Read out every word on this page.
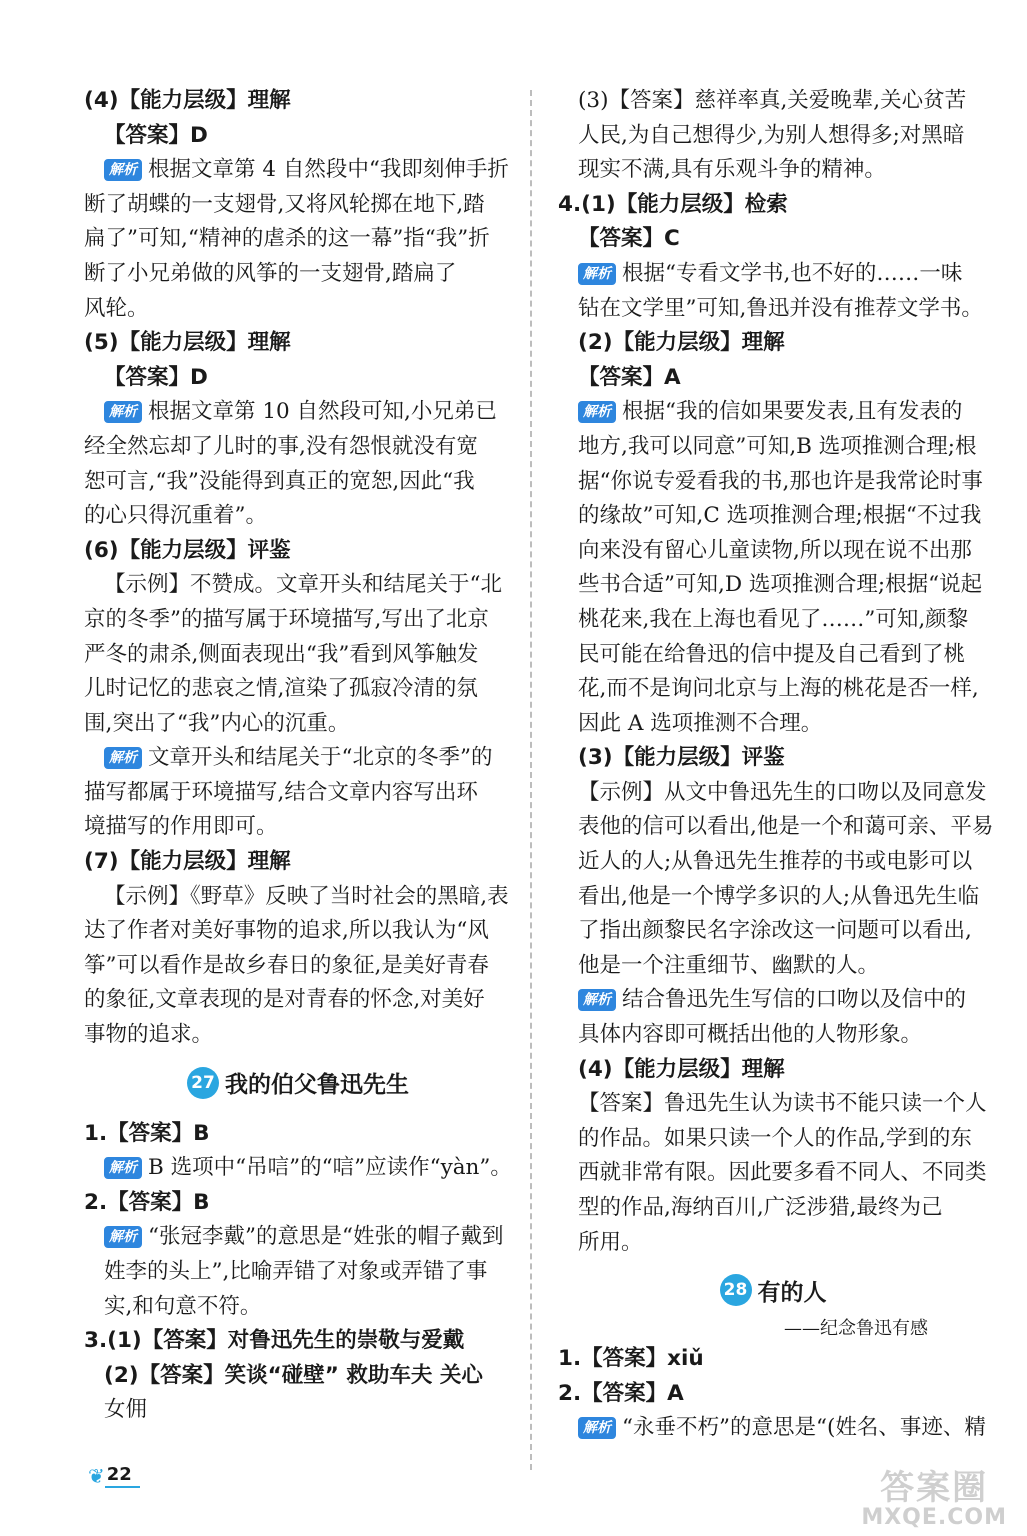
(4)【能力层级】理解
【答案】D
解析 根据文章第 4 自然段中“我即刻伸手折
断了胡蝶的一支翅骨,又将风轮掷在地下,踏
扁了”可知,“精神的虐杀的这一幕”指“我”折
断了小兄弟做的风筝的一支翅骨,踏扁了
风轮。
(5)【能力层级】理解
【答案】D
解析 根据文章第 10 自然段可知,小兄弟已
经全然忘却了儿时的事,没有怨恨就没有宽
恕可言,“我”没能得到真正的宽恕,因此“我
的心只得沉重着”。
(6)【能力层级】评鉴
【示例】不赞成。文章开头和结尾关于“北
京的冬季”的描写属于环境描写,写出了北京
严冬的肃杀,侧面表现出“我”看到风筝触发
儿时记忆的悲哀之情,渲染了孤寂冷清的氛
围,突出了“我”内心的沉重。
解析 文章开头和结尾关于“北京的冬季”的
描写都属于环境描写,结合文章内容写出环
境描写的作用即可。
(7)【能力层级】理解
【示例】《野草》反映了当时社会的黑暗,表
达了作者对美好事物的追求,所以我认为“风
筝”可以看作是故乡春日的象征,是美好青春
的象征,文章表现的是对青春的怀念,对美好
事物的追求。
27 我的伯父鲁迅先生
1.【答案】B
解析 B 选项中“吊唁”的“唁”应读作“yàn”。
2.【答案】B
解析 “张冠李戴”的意思是“姓张的帽子戴到
姓李的头上”,比喻弄错了对象或弄错了事
实,和句意不符。
3.(1)【答案】对鲁迅先生的崇敬与爱戴
(2)【答案】笑谈“碰壁” 救助车夫 关心
女佣
(3)【答案】慈祥率真,关爱晚辈,关心贫苦
人民,为自己想得少,为别人想得多;对黑暗
现实不满,具有乐观斗争的精神。
4.(1)【能力层级】检索
【答案】C
解析 根据“专看文学书,也不好的……一味
钻在文学里”可知,鲁迅并没有推荐文学书。
(2)【能力层级】理解
【答案】A
解析 根据“我的信如果要发表,且有发表的
地方,我可以同意”可知,B 选项推测合理;根
据“你说专爱看我的书,那也许是我常论时事
的缘故”可知,C 选项推测合理;根据“不过我
向来没有留心儿童读物,所以现在说不出那
些书合适”可知,D 选项推测合理;根据“说起
桃花来,我在上海也看见了……”可知,颜黎
民可能在给鲁迅的信中提及自己看到了桃
花,而不是询问北京与上海的桃花是否一样,
因此 A 选项推测不合理。
(3)【能力层级】评鉴
【示例】从文中鲁迅先生的口吻以及同意发
表他的信可以看出,他是一个和蔼可亲、平易
近人的人;从鲁迅先生推荐的书或电影可以
看出,他是一个博学多识的人;从鲁迅先生临
了指出颜黎民名字涂改这一问题可以看出,
他是一个注重细节、幽默的人。
解析 结合鲁迅先生写信的口吻以及信中的
具体内容即可概括出他的人物形象。
(4)【能力层级】理解
【答案】鲁迅先生认为读书不能只读一个人
的作品。如果只读一个人的作品,学到的东
西就非常有限。因此要多看不同人、不同类
型的作品,海纳百川,广泛涉猎,最终为己
所用。
28 有的人
——纪念鲁迅有感
1.【答案】xiǔ
2.【答案】A
解析 “永垂不朽”的意思是“(姓名、事迹、精
❦ 22	答案圈
MXQE.COM
